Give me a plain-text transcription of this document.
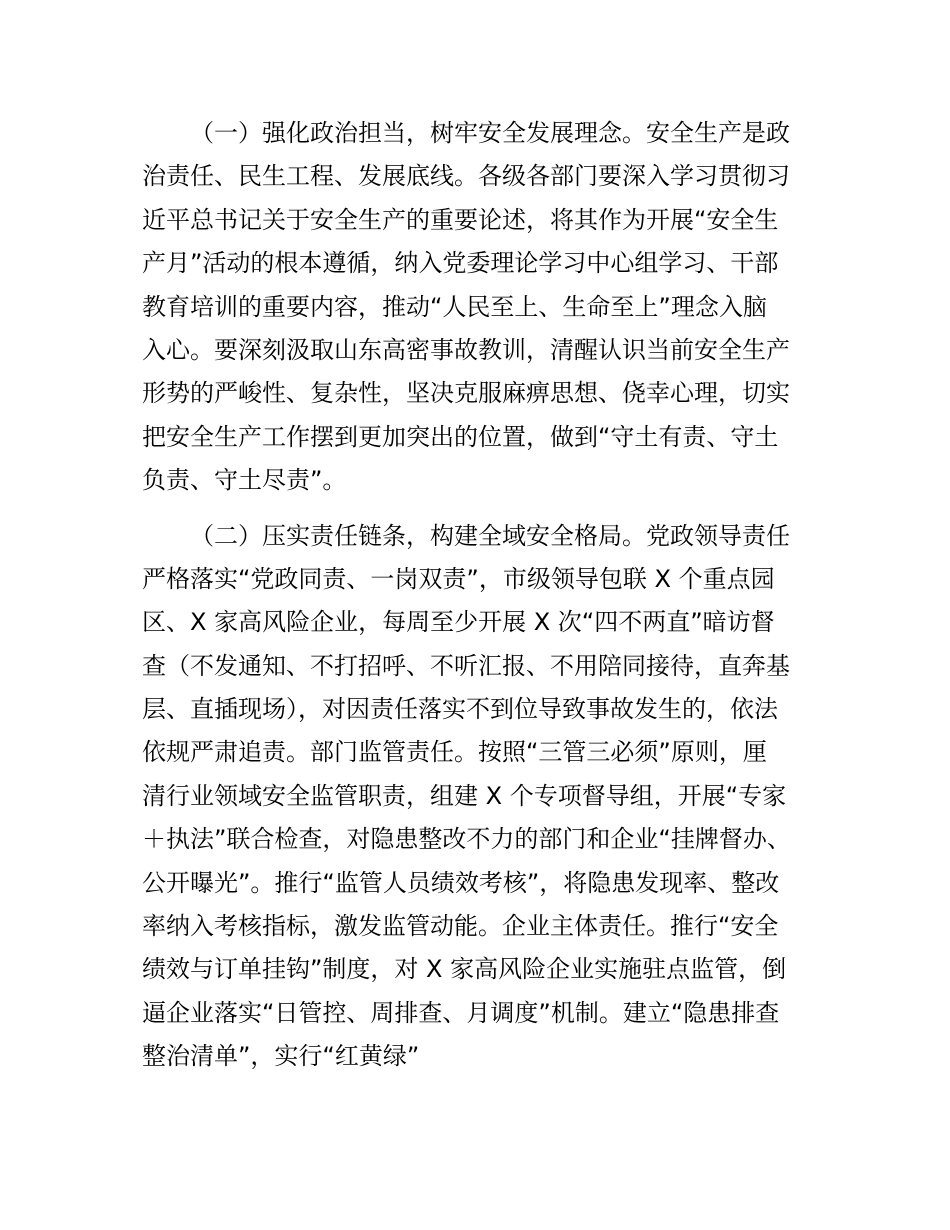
（一）强化政治担当，树牢安全发展理念。安全生产是政
治责任、民生工程、发展底线。各级各部门要深入学习贯彻习
近平总书记关于安全生产的重要论述，将其作为开展“安全生
产月”活动的根本遵循，纳入党委理论学习中心组学习、干部
教育培训的重要内容，推动“人民至上、生命至上”理念入脑
入心。要深刻汲取山东高密事故教训，清醒认识当前安全生产
形势的严峻性、复杂性，坚决克服麻痹思想、侥幸心理，切实
把安全生产工作摆到更加突出的位置，做到“守土有责、守土
负责、守土尽责”。
（二）压实责任链条，构建全域安全格局。党政领导责任
严格落实“党政同责、一岗双责”，市级领导包联 X 个重点园
区、X 家高风险企业，每周至少开展 X 次“四不两直”暗访督
查（不发通知、不打招呼、不听汇报、不用陪同接待，直奔基
层、直插现场），对因责任落实不到位导致事故发生的，依法
依规严肃追责。部门监管责任。按照“三管三必须”原则，厘
清行业领域安全监管职责，组建 X 个专项督导组，开展“专家
＋执法”联合检查，对隐患整改不力的部门和企业“挂牌督办、
公开曝光”。推行“监管人员绩效考核”，将隐患发现率、整改
率纳入考核指标，激发监管动能。企业主体责任。推行“安全
绩效与订单挂钩”制度，对 X 家高风险企业实施驻点监管，倒
逼企业落实“日管控、周排查、月调度”机制。建立“隐患排查
整治清单”，实行“红黄绿”
